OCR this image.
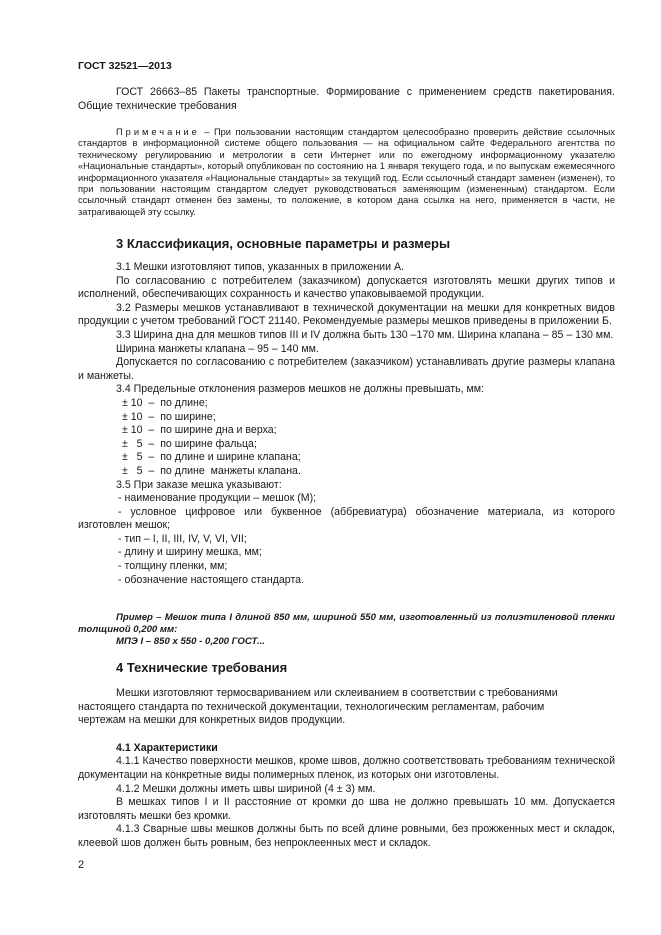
ГОСТ 32521—2013

ГОСТ 26663–85 Пакеты транспортные. Формирование с применением средств пакетирования. Общие технические требования

Примечание – При пользовании настоящим стандартом целесообразно проверить действие ссылочных стандартов в информационной системе общего пользования — на официальном сайте Федерального агентства по техническому регулированию и метрологии в сети Интернет или по ежегодному информационному указателю «Национальные стандарты», который опубликован по состоянию на 1 января текущего года, и по выпускам ежемесячного информационного указателя «Национальные стандарты» за текущий год. Если ссылочный стандарт заменен (изменен), то при пользовании настоящим стандартом следует руководствоваться заменяющим (измененным) стандартом. Если ссылочный стандарт отменен без замены, то положение, в котором дана ссылка на него, применяется в части, не затрагивающей эту ссылку.

3 Классификация, основные параметры и размеры

3.1 Мешки изготовляют типов, указанных в приложении А.

По согласованию с потребителем (заказчиком) допускается изготовлять мешки других типов и исполнений, обеспечивающих сохранность и качество упаковываемой продукции.

3.2 Размеры мешков устанавливают в технической документации на мешки для конкретных видов продукции с учетом требований ГОСТ 21140. Рекомендуемые размеры мешков приведены в приложении Б.

3.3 Ширина дна для мешков типов III и IV должна быть 130 –170 мм. Ширина клапана – 85 – 130 мм.

Ширина манжеты клапана – 95 – 140 мм.

Допускается по согласованию с потребителем (заказчиком) устанавливать другие размеры клапана и манжеты.

3.4 Предельные отклонения размеров мешков не должны превышать, мм:

± 10  –  по длине;
± 10  –  по ширине;
± 10  –  по ширине дна и верха;
±   5  –  по ширине фальца;
±   5  –  по длине и ширине клапана;
±   5  –  по длине  манжеты клапана.

3.5 При заказе мешка указывают:

- наименование продукции – мешок (М);

- условное цифровое или буквенное (аббревиатура) обозначение материала, из которого изготовлен мешок;

- тип – I, II, III, IV, V, VI, VII;
- длину и ширину мешка, мм;
- толщину пленки, мм;
- обозначение настоящего стандарта.

Пример – Мешок типа I длиной 850 мм, шириной 550 мм, изготовленный из полиэтиленовой пленки толщиной 0,200 мм:

МПЭ I – 850 х 550 - 0,200 ГОСТ...

4 Технические требования

Мешки изготовляют термосвариванием или склеиванием в соответствии с требованиями настоящего стандарта по технической документации, технологическим регламентам, рабочим чертежам на мешки для конкретных видов продукции.

4.1 Характеристики

4.1.1 Качество поверхности мешков, кроме швов, должно соответствовать требованиям технической документации на конкретные виды полимерных пленок, из которых они изготовлены.

4.1.2 Мешки должны иметь швы шириной (4 ± 3) мм.

В мешках типов I и II расстояние от кромки до шва не должно превышать 10 мм. Допускается изготовлять мешки без кромки.

4.1.3 Сварные швы мешков должны быть по всей длине ровными, без прожженных мест и складок, клеевой шов должен быть ровным, без непроклеенных мест и складок.

2
